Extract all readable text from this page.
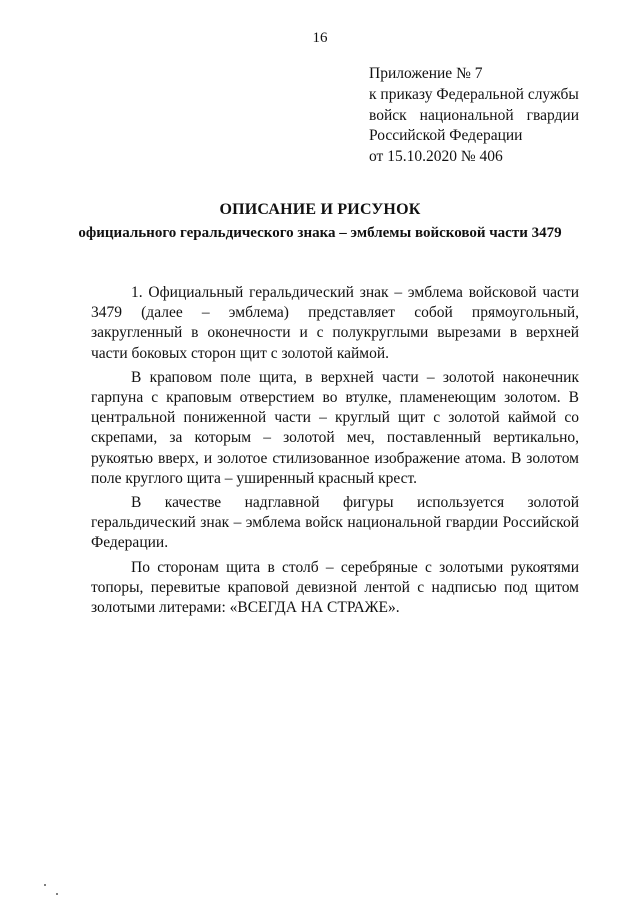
16
Приложение № 7
к приказу Федеральной службы
войск национальной гвардии
Российской Федерации
от 15.10.2020 № 406
ОПИСАНИЕ И РИСУНОК
официального геральдического знака – эмблемы войсковой части 3479

1. Официальный геральдический знак – эмблема войсковой части 3479 (далее – эмблема) представляет собой прямоугольный, закругленный в оконечности и с полукруглыми вырезами в верхней части боковых сторон щит с золотой каймой.

В краповом поле щита, в верхней части – золотой наконечник гарпуна с краповым отверстием во втулке, пламенеющим золотом. В центральной пониженной части – круглый щит с золотой каймой со скрепами, за которым – золотой меч, поставленный вертикально, рукоятью вверх, и золотое стилизованное изображение атома. В золотом поле круглого щита – уширенный красный крест.

В качестве надглавной фигуры используется золотой геральдический знак – эмблема войск национальной гвардии Российской Федерации.

По сторонам щита в столб – серебряные с золотыми рукоятями топоры, перевитые краповой девизной лентой с надписью под щитом золотыми литерами: «ВСЕГДА НА СТРАЖЕ».
